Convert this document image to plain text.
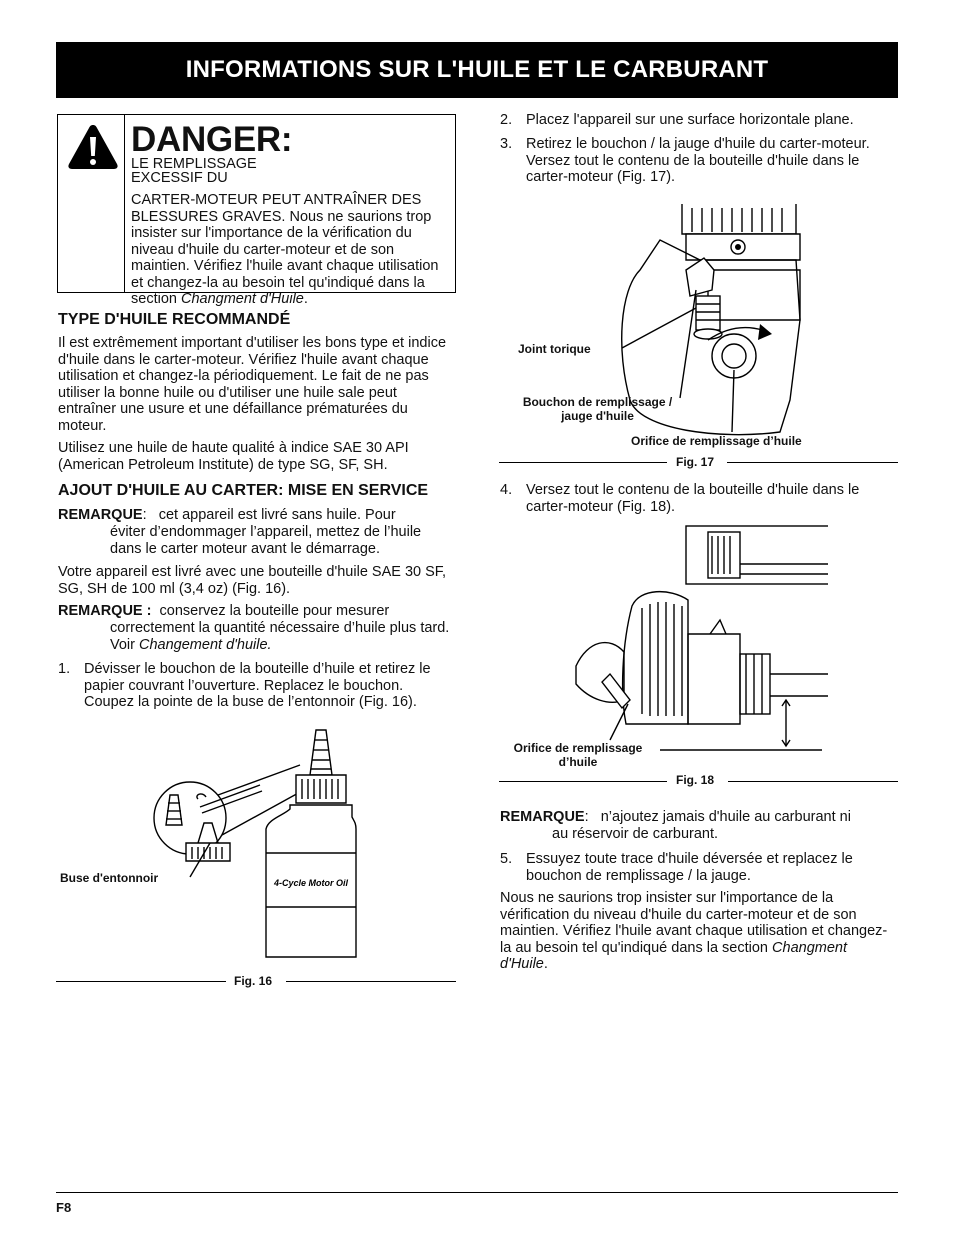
INFORMATIONS SUR L'HUILE ET LE CARBURANT
DANGER:
LE REMPLISSAGE EXCESSIF DU
CARTER-MOTEUR PEUT ANTRAÎNER DES BLESSURES GRAVES. Nous ne saurions trop insister sur l'importance de la vérification du niveau d'huile du carter-moteur et de son maintien. Vérifiez l'huile avant chaque utilisation et changez-la au besoin tel qu'indiqué dans la section Changment d'Huile.
TYPE D'HUILE RECOMMANDÉ
Il est extrêmement important d'utiliser les bons type et indice d'huile dans le carter-moteur. Vérifiez l'huile avant chaque utilisation et changez-la périodiquement. Le fait de ne pas utiliser la bonne huile ou d'utiliser une huile sale peut entraîner une usure et une défaillance prématurées du moteur.
Utilisez une huile de haute qualité à indice SAE 30 API (American Petroleum Institute) de type SG, SF, SH.
AJOUT D'HUILE AU CARTER: MISE EN SERVICE
REMARQUE: cet appareil est livré sans huile. Pour
éviter d’endommager l’appareil, mettez de l’huile dans le carter moteur avant le démarrage.
Votre appareil est livré avec une bouteille d'huile SAE 30 SF, SG, SH de 100 ml (3,4 oz) (Fig. 16).
REMARQUE : conservez la bouteille pour mesurer
correctement la quantité nécessaire d’huile plus tard. Voir Changement d'huile.
1. Dévisser le bouchon de la bouteille d’huile et retirez le papier couvrant l’ouverture. Replacez le bouchon. Coupez la pointe de la buse de l’entonnoir (Fig. 16).
4-Cycle Motor Oil
Buse d'entonnoir
Fig. 16
2. Placez l'appareil sur une surface horizontale plane.
3. Retirez le bouchon / la jauge d'huile du carter-moteur. Versez tout le contenu de la bouteille d'huile dans le carter-moteur (Fig. 17).
Joint torique
Bouchon de remplissage / jauge d'huile
Orifice de remplissage d’huile
Fig. 17
4. Versez tout le contenu de la bouteille d'huile dans le carter-moteur (Fig. 18).
Orifice de remplissage d’huile
Fig. 18
REMARQUE: n’ajoutez jamais d'huile au carburant ni
au réservoir de carburant.
5. Essuyez toute trace d'huile déversée et replacez le bouchon de remplissage / la jauge.
Nous ne saurions trop insister sur l'importance de la vérification du niveau d'huile du carter-moteur et de son maintien. Vérifiez l'huile avant chaque utilisation et changez-la au besoin tel qu'indiqué dans la section Changment d'Huile.
F8
